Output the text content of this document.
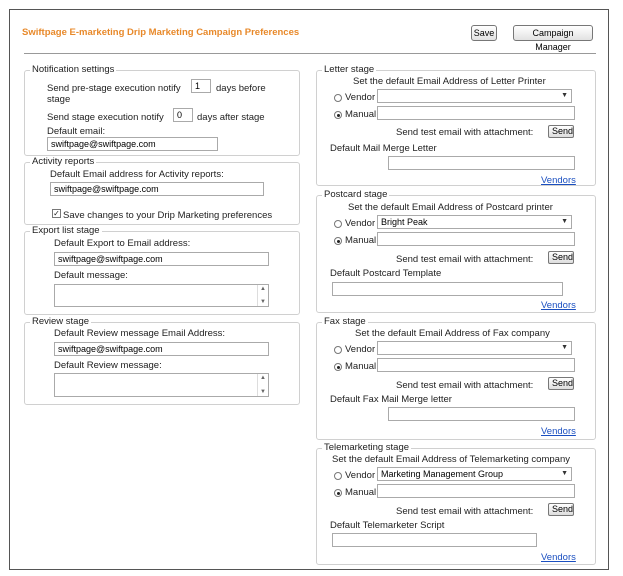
Swiftpage E-marketing Drip Marketing Campaign Preferences	Save	Campaign Manager
Notification settings
Send pre-stage execution notify	1	days before
stage
Send stage execution notify	0	days after stage
Default email:
swiftpage@swiftpage.com
Activity reports
Default Email address for Activity reports:
swiftpage@swiftpage.com
✓ Save changes to your Drip Marketing preferences
Export list stage
Default Export to Email address:
swiftpage@swiftpage.com
Default message:
▲
▼
Review stage
Default Review message Email Address:
swiftpage@swiftpage.com
Default Review message:
▲
▼
Letter stage
Set the default Email Address of Letter Printer
Vendor	▼
Manual
Send test email with attachment:	Send
Default Mail Merge Letter
Vendors
Postcard stage
Set the default Email Address of Postcard printer
Vendor Bright Peak	▼
Manual
Send test email with attachment:	Send
Default Postcard Template
Vendors
Fax stage
Set the default Email Address of Fax company
Vendor	▼
Manual
Send test email with attachment:	Send
Default Fax Mail Merge letter
Vendors
Telemarketing stage
Set the default Email Address of Telemarketing company
Vendor Marketing Management Group	▼
Manual
Send test email with attachment:	Send
Default Telemarketer Script
Vendors
